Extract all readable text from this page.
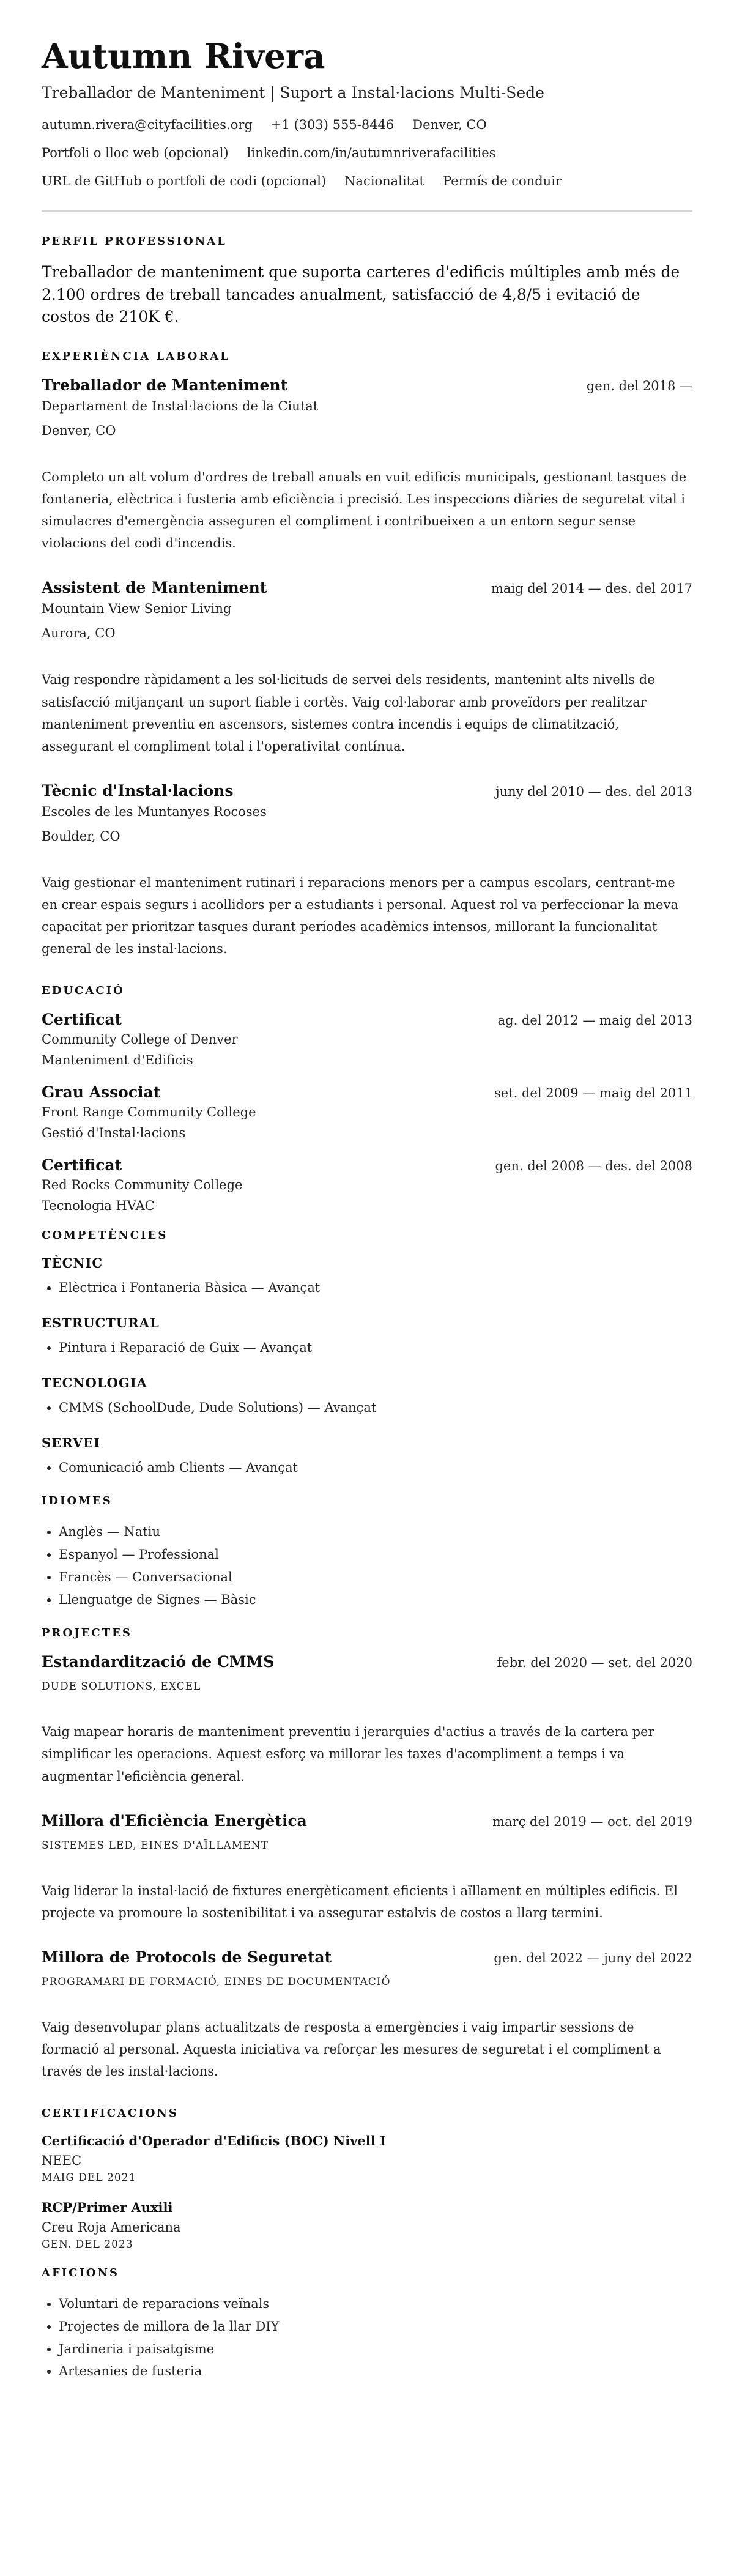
Autumn Rivera
Treballador de Manteniment | Suport a Instal·lacions Multi-Sede
autumn.rivera@cityfacilities.org +1 (303) 555-8446 Denver, CO
Portfoli o lloc web (opcional) linkedin.com/in/autumnriverafacilities
URL de GitHub o portfoli de codi (opcional) Nacionalitat Permís de conduir
PERFIL PROFESSIONAL

Treballador de manteniment que suporta carteres d'edificis múltiples amb més de 2.100 ordres de treball tancades anualment, satisfacció de 4,8/5 i evitació de costos de 210K €.

EXPERIÈNCIA LABORAL
Treballador de Manteniment	gen. del 2018 —
Departament de Instal·lacions de la Ciutat
Denver, CO
Completo un alt volum d'ordres de treball anuals en vuit edificis municipals, gestionant tasques de fontaneria, elèctrica i fusteria amb eficiència i precisió. Les inspeccions diàries de seguretat vital i simulacres d'emergència asseguren el compliment i contribueixen a un entorn segur sense violacions del codi d'incendis.
Assistent de Manteniment	maig del 2014 — des. del 2017
Mountain View Senior Living
Aurora, CO
Vaig respondre ràpidament a les sol·licituds de servei dels residents, mantenint alts nivells de satisfacció mitjançant un suport fiable i cortès. Vaig col·laborar amb proveïdors per realitzar manteniment preventiu en ascensors, sistemes contra incendis i equips de climatització, assegurant el compliment total i l'operativitat contínua.
Tècnic d'Instal·lacions	juny del 2010 — des. del 2013
Escoles de les Muntanyes Rocoses
Boulder, CO
Vaig gestionar el manteniment rutinari i reparacions menors per a campus escolars, centrant-me en crear espais segurs i acollidors per a estudiants i personal. Aquest rol va perfeccionar la meva capacitat per prioritzar tasques durant períodes acadèmics intensos, millorant la funcionalitat general de les instal·lacions.
EDUCACIÓ
Certificat	ag. del 2012 — maig del 2013
Community College of Denver
Manteniment d'Edificis
Grau Associat	set. del 2009 — maig del 2011
Front Range Community College
Gestió d'Instal·lacions
Certificat	gen. del 2008 — des. del 2008
Red Rocks Community College
Tecnologia HVAC
COMPETÈNCIES
TÈCNIC
• Elèctrica i Fontaneria Bàsica — Avançat
ESTRUCTURAL
• Pintura i Reparació de Guix — Avançat
TECNOLOGIA
• CMMS (SchoolDude, Dude Solutions) — Avançat
SERVEI
• Comunicació amb Clients — Avançat
IDIOMES
• Anglès — Natiu
• Espanyol — Professional
• Francès — Conversacional
• Llenguatge de Signes — Bàsic
PROJECTES
Estandardització de CMMS	febr. del 2020 — set. del 2020
DUDE SOLUTIONS, EXCEL
Vaig mapear horaris de manteniment preventiu i jerarquies d'actius a través de la cartera per simplificar les operacions. Aquest esforç va millorar les taxes d'acompliment a temps i va augmentar l'eficiència general.
Millora d'Eficiència Energètica	març del 2019 — oct. del 2019
SISTEMES LED, EINES D'AÏLLAMENT
Vaig liderar la instal·lació de fixtures energèticament eficients i aïllament en múltiples edificis. El projecte va promoure la sostenibilitat i va assegurar estalvis de costos a llarg termini.
Millora de Protocols de Seguretat	gen. del 2022 — juny del 2022
PROGRAMARI DE FORMACIÓ, EINES DE DOCUMENTACIÓ
Vaig desenvolupar plans actualitzats de resposta a emergències i vaig impartir sessions de formació al personal. Aquesta iniciativa va reforçar les mesures de seguretat i el compliment a través de les instal·lacions.
CERTIFICACIONS
Certificació d'Operador d'Edificis (BOC) Nivell I
NEEC
MAIG DEL 2021
RCP/Primer Auxili
Creu Roja Americana
GEN. DEL 2023
AFICIONS
• Voluntari de reparacions veïnals
• Projectes de millora de la llar DIY
• Jardineria i paisatgisme
• Artesanies de fusteria
